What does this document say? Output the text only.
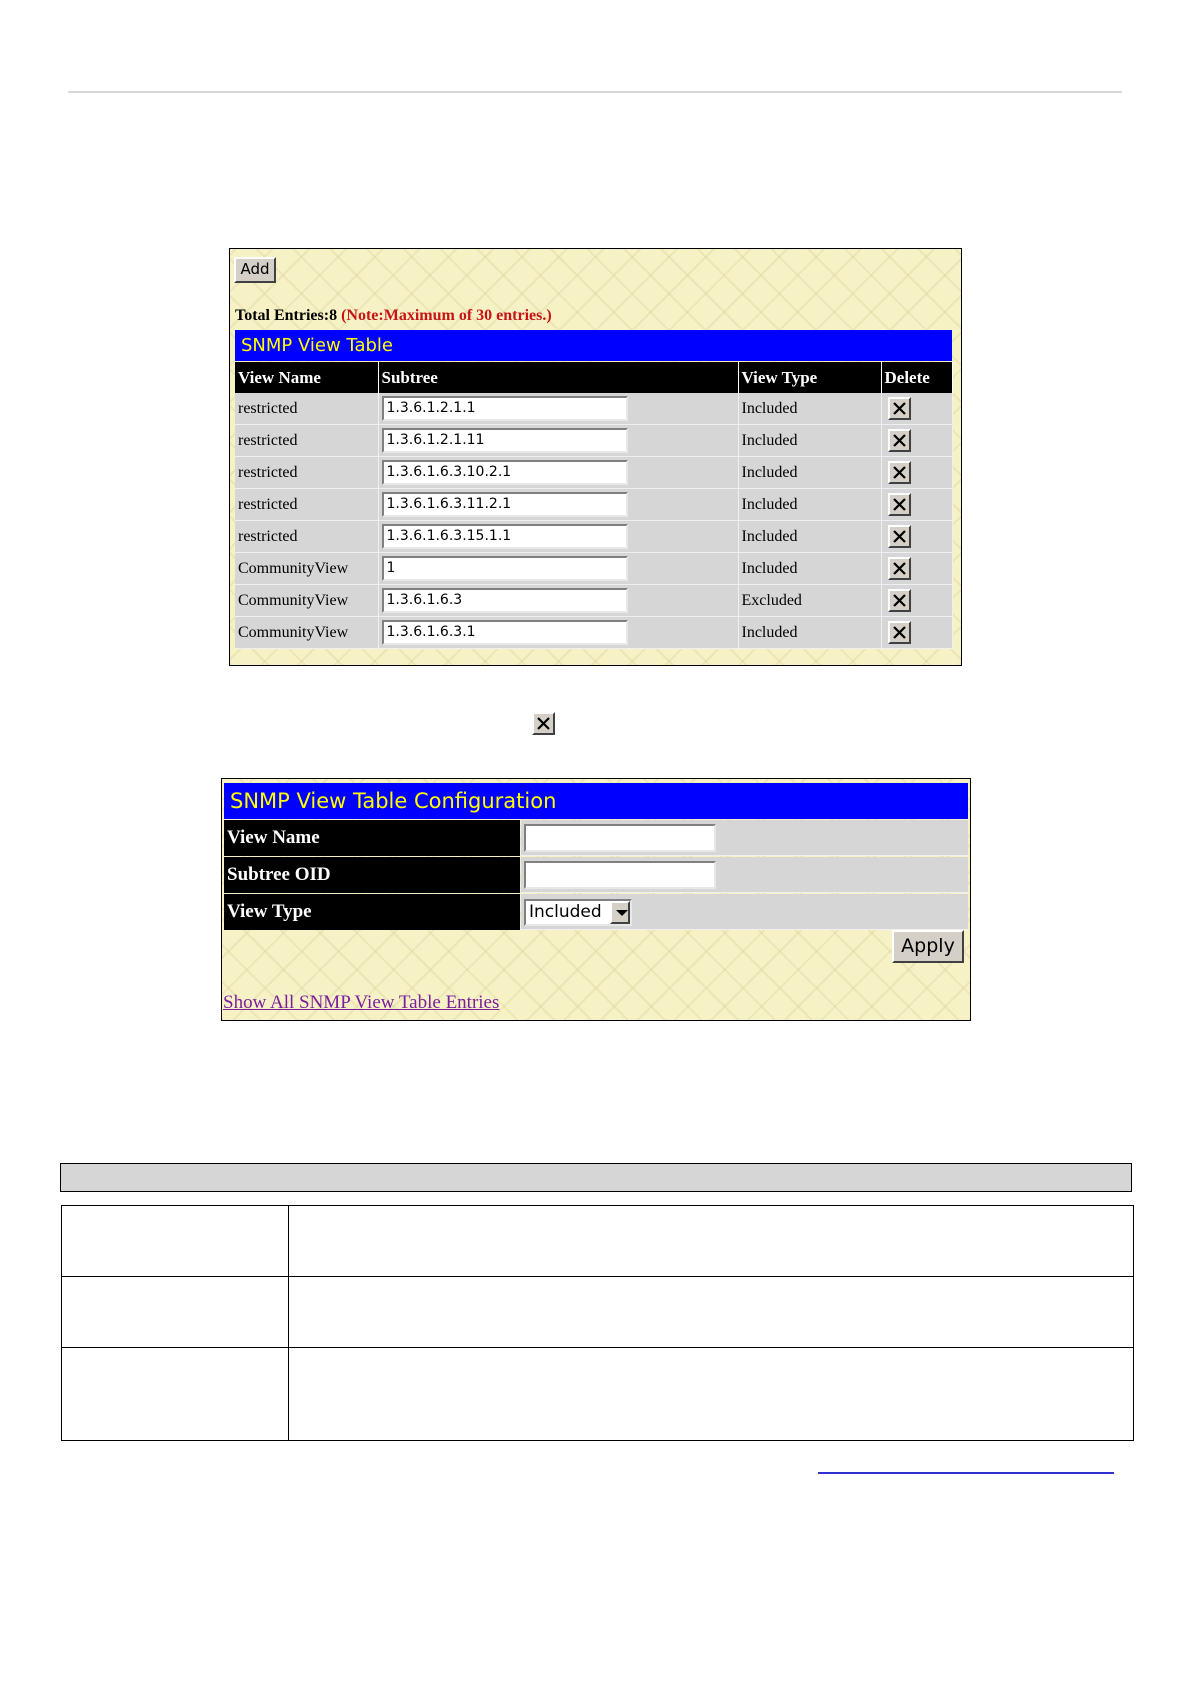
Add
Total Entries:8 (Note:Maximum of 30 entries.)
SNMP View Table
View Name	Subtree	View Type	Delete
restricted	1.3.6.1.2.1.1	Included	

restricted	1.3.6.1.2.1.11	Included	

restricted	1.3.6.1.6.3.10.2.1	Included	

restricted	1.3.6.1.6.3.11.2.1	Included	

restricted	1.3.6.1.6.3.15.1.1	Included	

CommunityView	1	Included	

CommunityView	1.3.6.1.6.3	Excluded	

CommunityView	1.3.6.1.6.3.1	Included	
SNMP View Table Configuration
View Name
Subtree OID
View Type	Included
Apply
Show All SNMP View Table Entries
